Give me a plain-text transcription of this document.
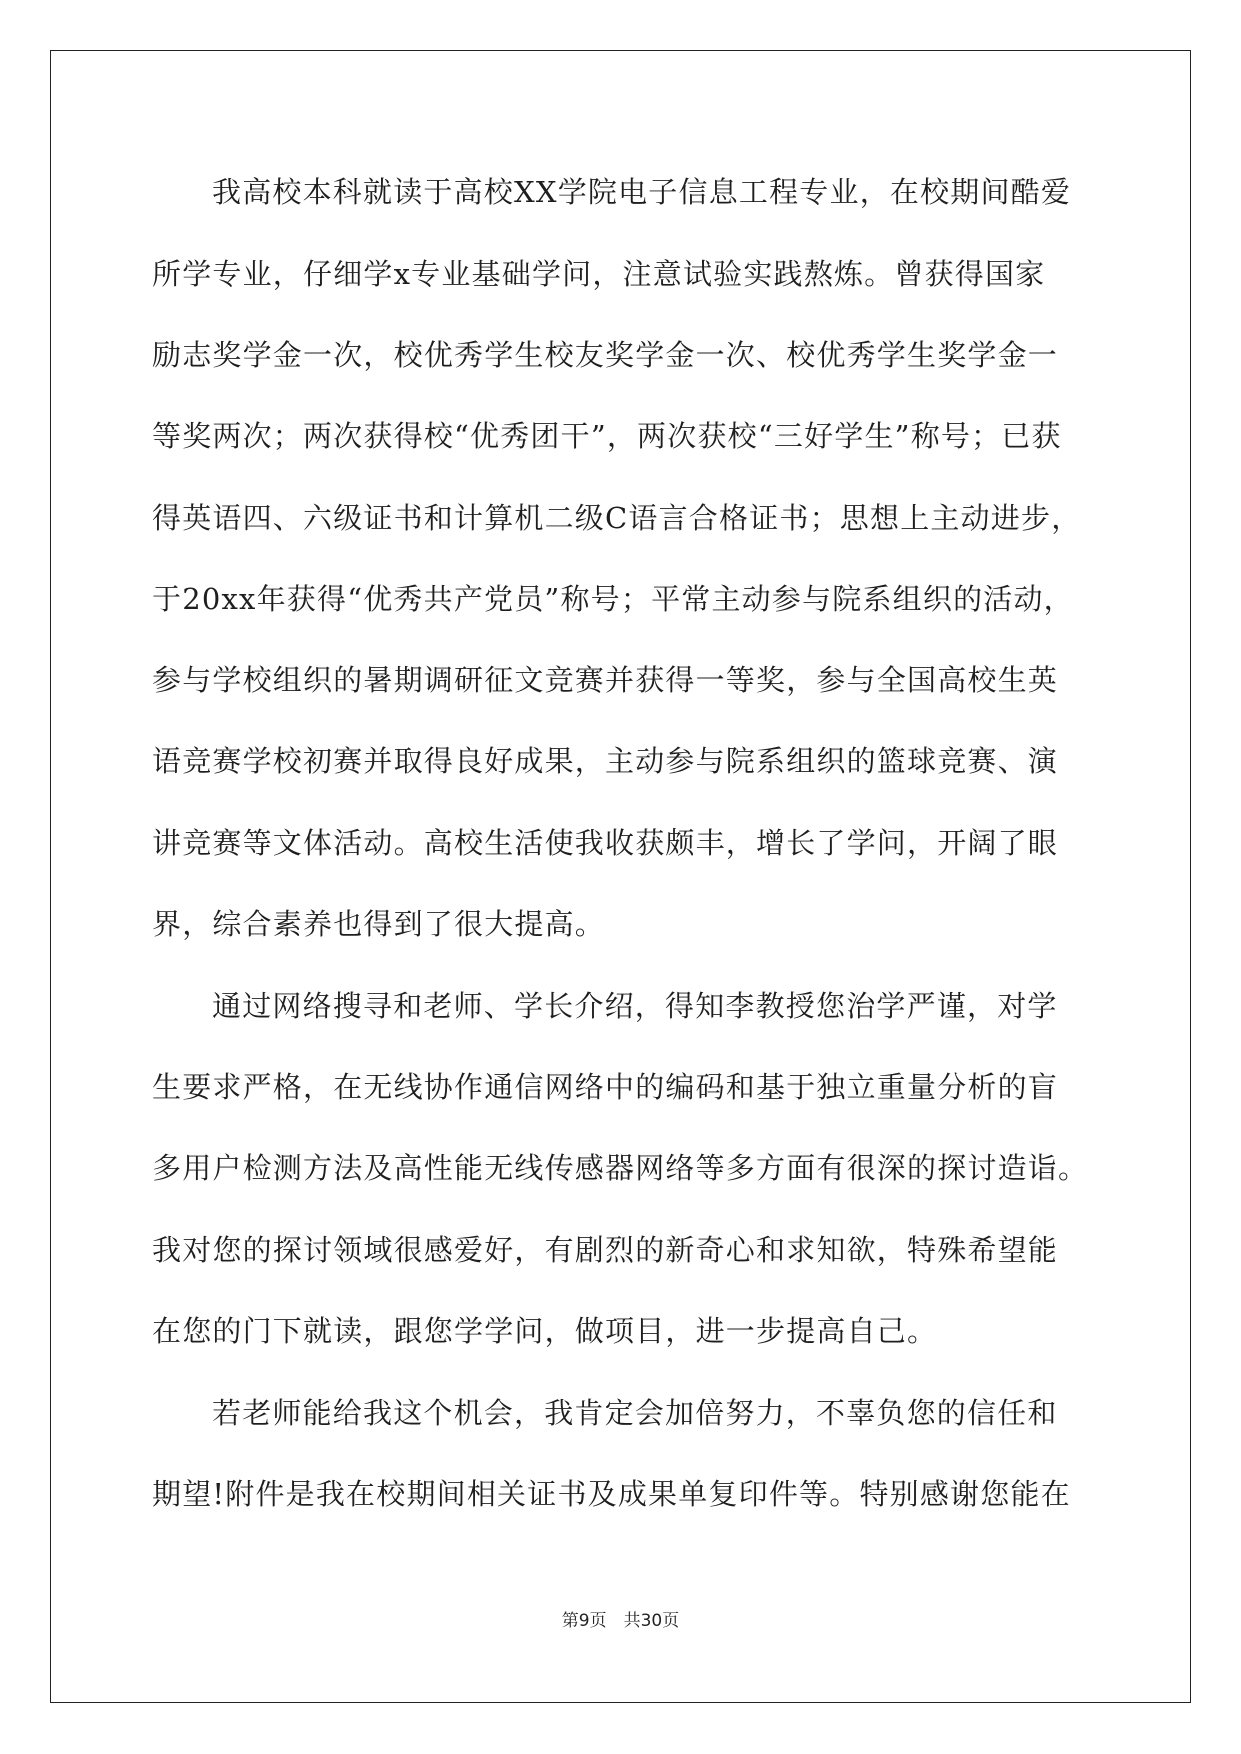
我高校本科就读于高校XX学院电子信息工程专业，在校期间酷爱
所学专业，仔细学x专业基础学问，注意试验实践熬炼。曾获得国家
励志奖学金一次，校优秀学生校友奖学金一次、校优秀学生奖学金一
等奖两次；两次获得校“优秀团干”，两次获校“三好学生”称号；已获
得英语四、六级证书和计算机二级C语言合格证书；思想上主动进步，
于20xx年获得“优秀共产党员”称号；平常主动参与院系组织的活动，
参与学校组织的暑期调研征文竞赛并获得一等奖，参与全国高校生英
语竞赛学校初赛并取得良好成果，主动参与院系组织的篮球竞赛、演
讲竞赛等文体活动。高校生活使我收获颇丰，增长了学问，开阔了眼
界，综合素养也得到了很大提高。
通过网络搜寻和老师、学长介绍，得知李教授您治学严谨，对学
生要求严格，在无线协作通信网络中的编码和基于独立重量分析的盲
多用户检测方法及高性能无线传感器网络等多方面有很深的探讨造诣。
我对您的探讨领域很感爱好，有剧烈的新奇心和求知欲，特殊希望能
在您的门下就读，跟您学学问，做项目，进一步提高自己。
若老师能给我这个机会，我肯定会加倍努力，不辜负您的信任和
期望!附件是我在校期间相关证书及成果单复印件等。特别感谢您能在
第9页　共30页
